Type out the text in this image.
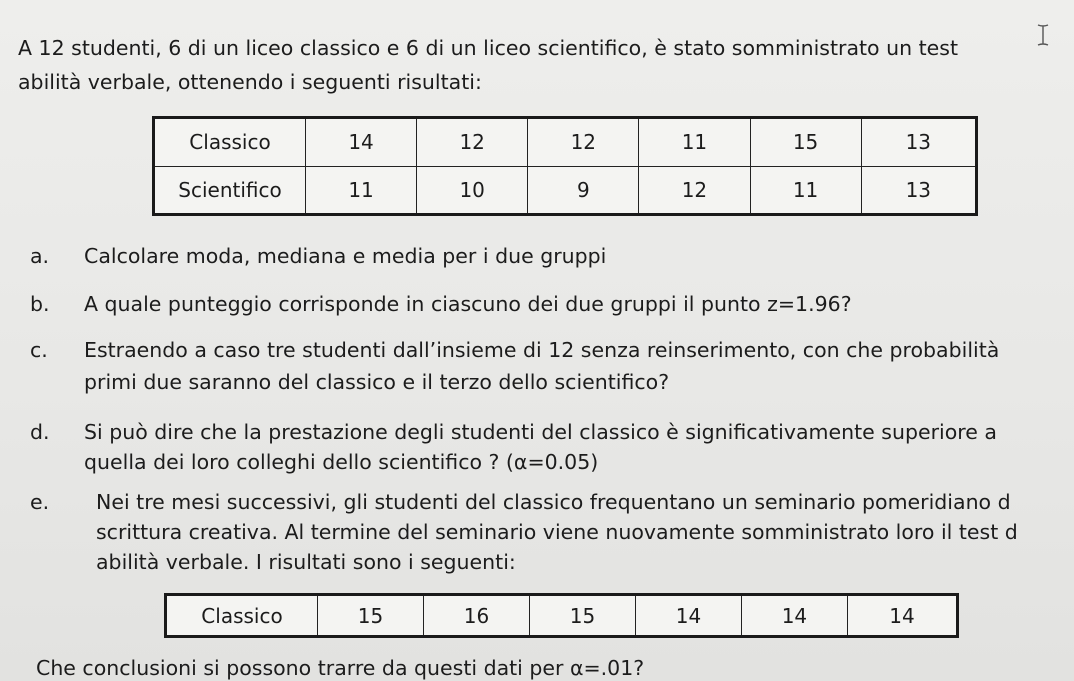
A 12 studenti, 6 di un liceo classico e 6 di un liceo scientifico, è stato somministrato un test
abilità verbale, ottenendo i seguenti risultati:
Classico	14	12	12	11	15	13
Scientifico	11	10	9	12	11	13
a. Calcolare moda, mediana e media per i due gruppi
b. A quale punteggio corrisponde in ciascuno dei due gruppi il punto z=1.96?
c. Estraendo a caso tre studenti dall’insieme di 12 senza reinserimento, con che probabilità
primi due saranno del classico e il terzo dello scientifico?
d. Si può dire che la prestazione degli studenti del classico è significativamente superiore a
quella dei loro colleghi dello scientifico ? (α=0.05)
e. Nei tre mesi successivi, gli studenti del classico frequentano un seminario pomeridiano d
scrittura creativa. Al termine del seminario viene nuovamente somministrato loro il test d
abilità verbale. I risultati sono i seguenti:
Classico	15	16	15	14	14	14
Che conclusioni si possono trarre da questi dati per α=.01?
